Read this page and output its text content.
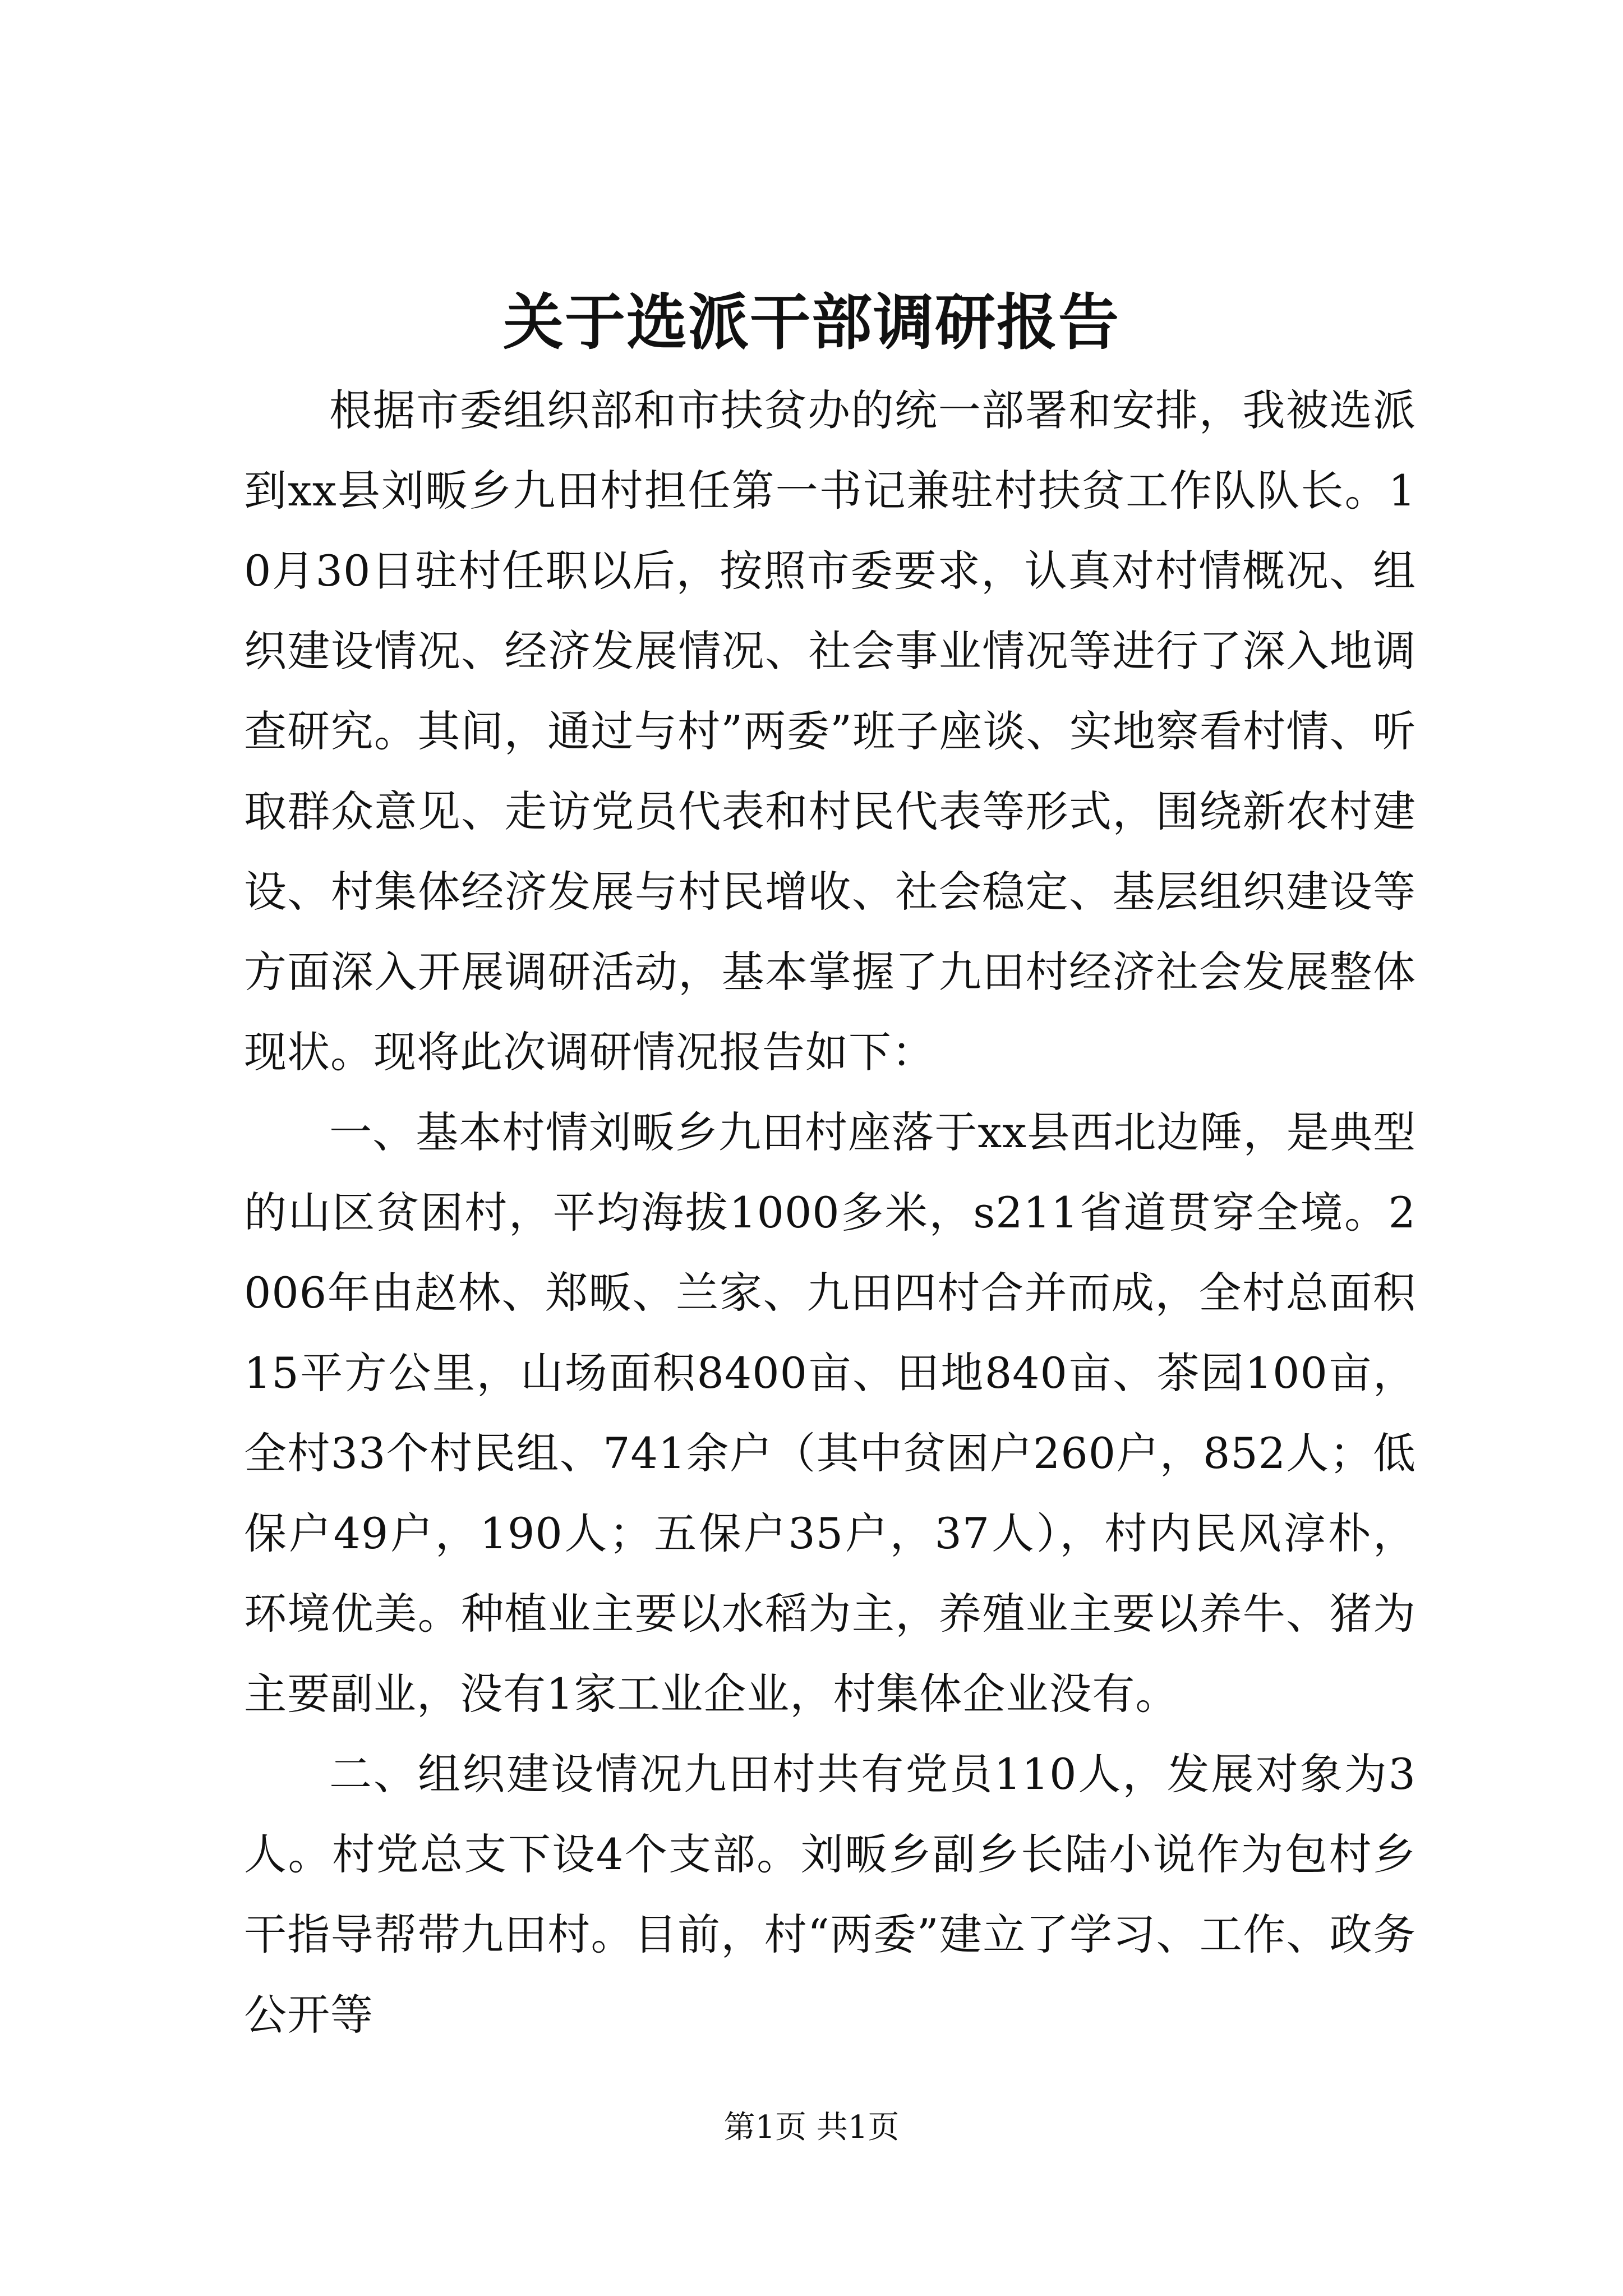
关于选派干部调研报告

根据市委组织部和市扶贫办的统一部署和安排，我被选派到xx县刘畈乡九田村担任第一书记兼驻村扶贫工作队队长。10月30日驻村任职以后，按照市委要求，认真对村情概况、组织建设情况、经济发展情况、社会事业情况等进行了深入地调查研究。其间，通过与村”两委”班子座谈、实地察看村情、听取群众意见、走访党员代表和村民代表等形式，围绕新农村建设、村集体经济发展与村民增收、社会稳定、基层组织建设等方面深入开展调研活动，基本掌握了九田村经济社会发展整体现状。现将此次调研情况报告如下：

一、基本村情刘畈乡九田村座落于xx县西北边陲，是典型的山区贫困村，平均海拔1000多米，s211省道贯穿全境。2006年由赵林、郑畈、兰家、九田四村合并而成，全村总面积15平方公里，山场面积8400亩、田地840亩、茶园100亩，全村33个村民组、741余户（其中贫困户260户，852人；低保户49户，190人；五保户35户，37人），村内民风淳朴，环境优美。种植业主要以水稻为主，养殖业主要以养牛、猪为主要副业，没有1家工业企业，村集体企业没有。

二、组织建设情况九田村共有党员110人，发展对象为3人。村党总支下设4个支部。刘畈乡副乡长陆小说作为包村乡干指导帮带九田村。目前，村“两委”建立了学习、工作、政务公开等

第1页 共1页
